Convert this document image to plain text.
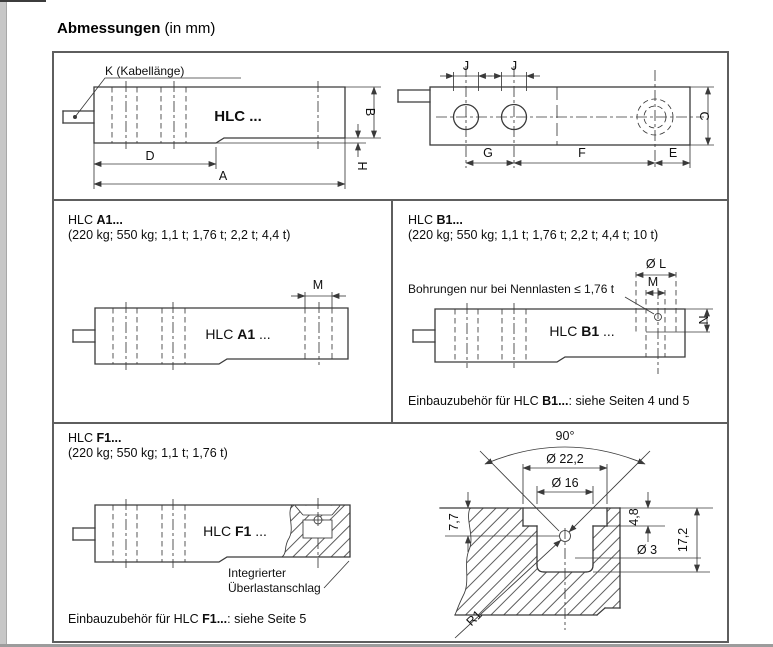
Abmessungen (in mm)
K (Kabellänge)
HLC ...	B
H
D
A
J	J
G	F	E
C
HLC A1...
(220 kg; 550 kg; 1,1 t; 1,76 t; 2,2 t; 4,4 t)
HLC A1 ...
M
HLC B1...
(220 kg; 550 kg; 1,1 t; 1,76 t; 2,2 t; 4,4 t; 10 t)
Bohrungen nur bei Nennlasten ≤ 1,76 t
HLC B1 ...
Ø L
M
N
Einbauzubehör für HLC B1...: siehe Seiten 4 und 5
HLC F1...
(220 kg; 550 kg; 1,1 t; 1,76 t)
HLC F1 ...
Integrierter
Überlastanschlag
Einbauzubehör für HLC F1...: siehe Seite 5
90°
Ø 22,2
Ø 16
7,7	4,8
17,2
Ø 3
R1
